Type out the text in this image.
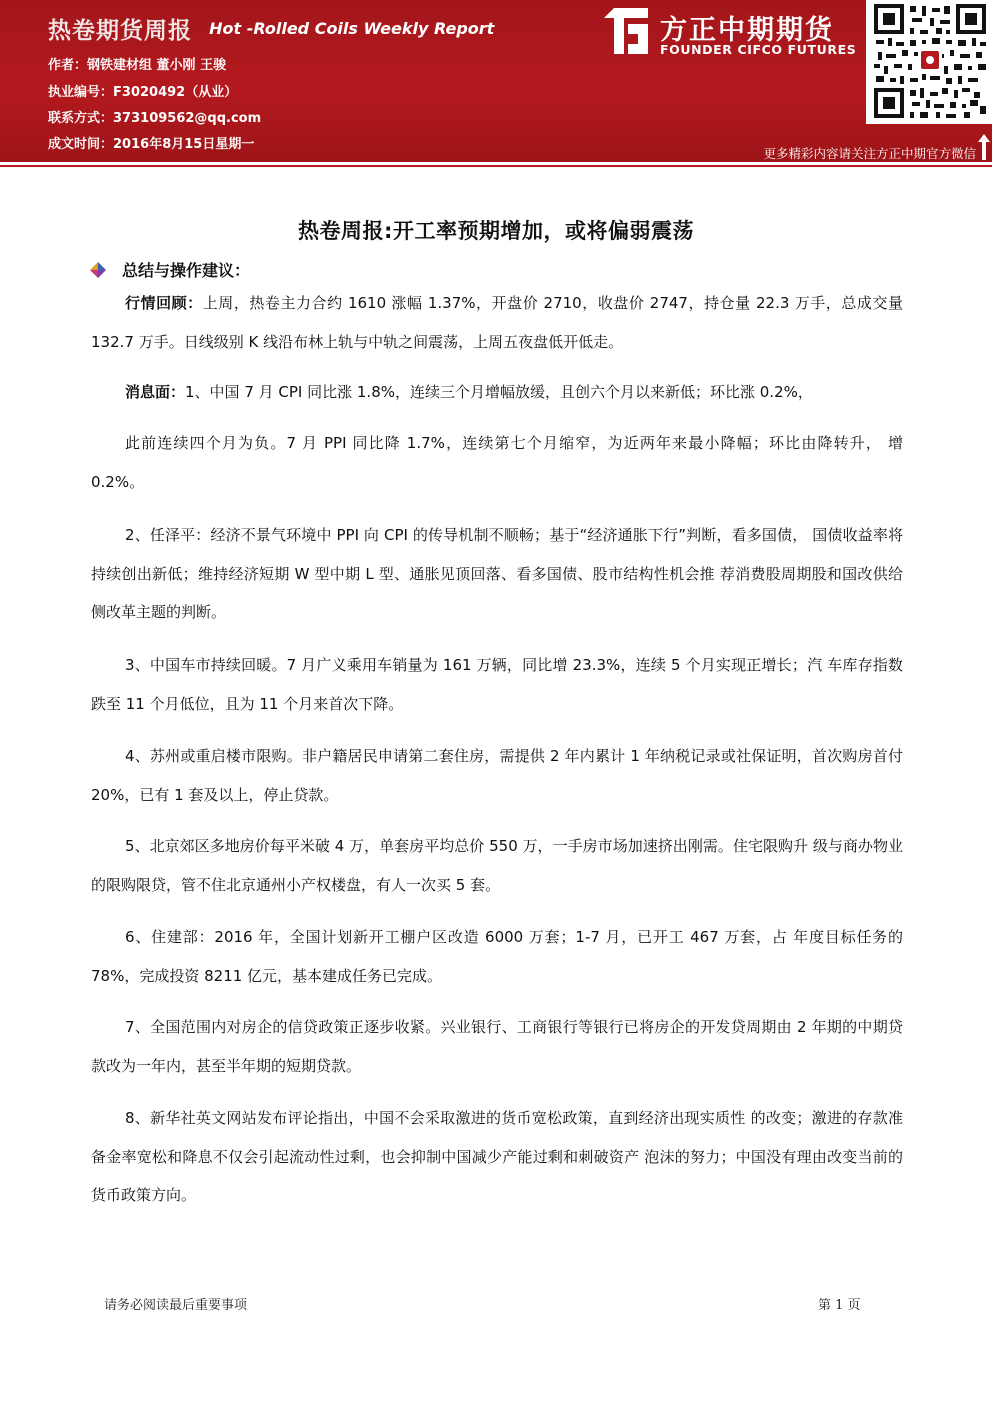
热卷期货周报 Hot -Rolled Coils Weekly Report
作者：钢铁建材组 董小刚 王骏
执业编号：F3020492（从业）
联系方式：373109562@qq.com
成文时间：2016年8月15日星期一
方正中期期货
FOUNDER CIFCO FUTURES
更多精彩内容请关注方正中期官方微信
热卷周报:开工率预期增加，或将偏弱震荡
总结与操作建议：

行情回顾：上周，热卷主力合约 1610 涨幅 1.37%，开盘价 2710，收盘价 2747，持仓量 22.3 万手，总成交量 132.7 万手。日线级别 K 线沿布林上轨与中轨之间震荡，上周五夜盘低开低走。

消息面：1、中国 7 月 CPI 同比涨 1.8%，连续三个月增幅放缓，且创六个月以来新低；环比涨 0.2%，

此前连续四个月为负。7 月 PPI 同比降 1.7%，连续第七个月缩窄，为近两年来最小降幅；环比由降转升， 增 0.2%。

2、任泽平：经济不景气环境中 PPI 向 CPI 的传导机制不顺畅；基于“经济通胀下行”判断，看多国债， 国债收益率将持续创出新低；维持经济短期 W 型中期 L 型、通胀见顶回落、看多国债、股市结构性机会推 荐消费股周期股和国改供给侧改革主题的判断。

3、中国车市持续回暖。7 月广义乘用车销量为 161 万辆，同比增 23.3%，连续 5 个月实现正增长；汽 车库存指数跌至 11 个月低位，且为 11 个月来首次下降。

4、苏州或重启楼市限购。非户籍居民申请第二套住房，需提供 2 年内累计 1 年纳税记录或社保证明，首次购房首付 20%，已有 1 套及以上，停止贷款。

5、北京郊区多地房价每平米破 4 万，单套房平均总价 550 万，一手房市场加速挤出刚需。住宅限购升 级与商办物业的限购限贷，管不住北京通州小产权楼盘，有人一次买 5 套。

6、住建部：2016 年，全国计划新开工棚户区改造 6000 万套；1-7 月，已开工 467 万套，占 年度目标任务的 78%，完成投资 8211 亿元，基本建成任务已完成。

7、全国范围内对房企的信贷政策正逐步收紧。兴业银行、工商银行等银行已将房企的开发贷周期由 2 年期的中期贷款改为一年内，甚至半年期的短期贷款。

8、新华社英文网站发布评论指出，中国不会采取激进的货币宽松政策，直到经济出现实质性 的改变；激进的存款准备金率宽松和降息不仅会引起流动性过剩，也会抑制中国减少产能过剩和刺破资产 泡沫的努力；中国没有理由改变当前的货币政策方向。

请务必阅读最后重要事项	第 1 页
